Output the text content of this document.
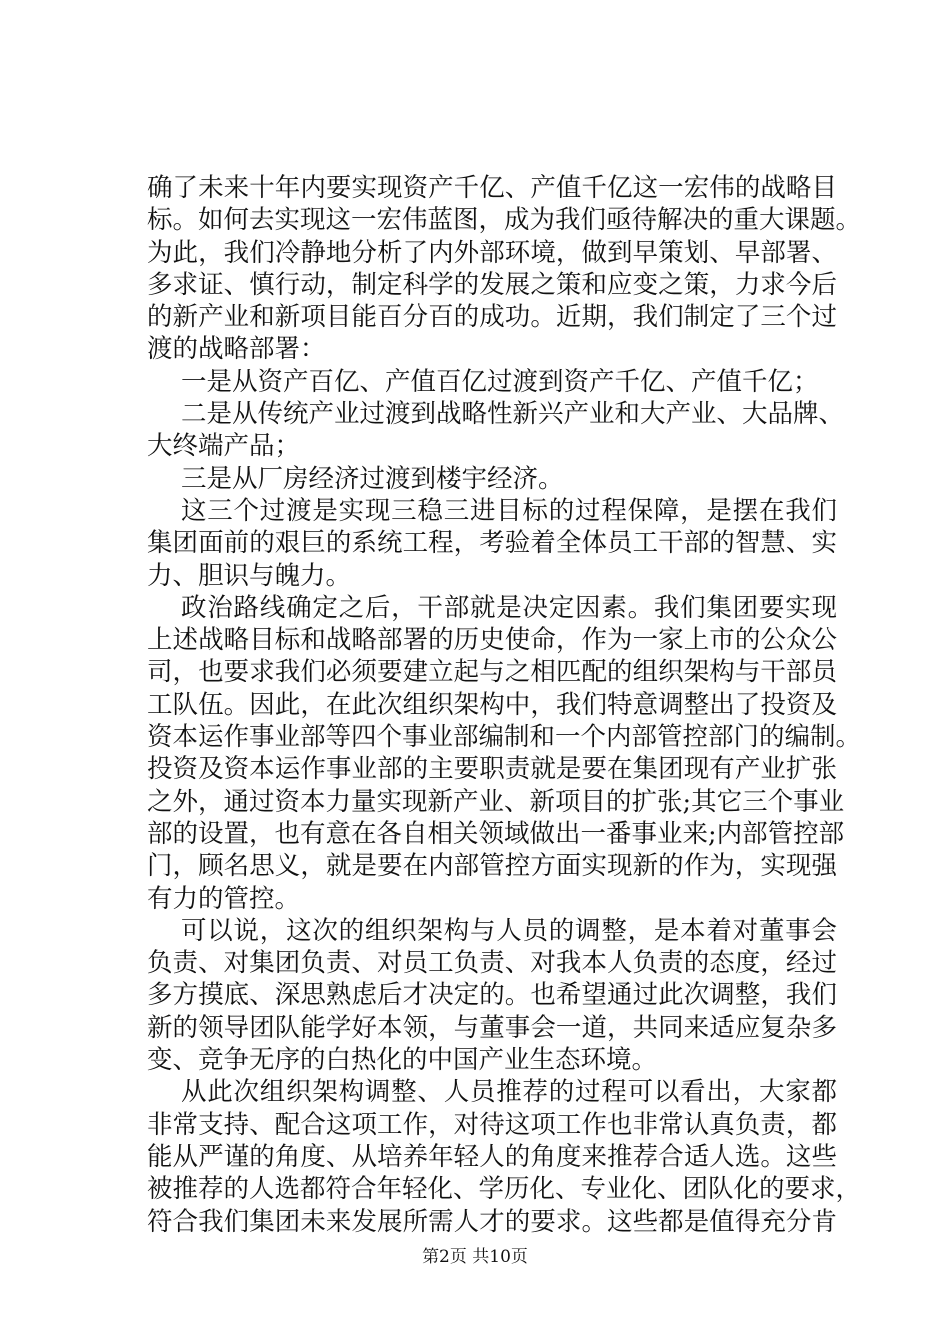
确了未来十年内要实现资产千亿、产值千亿这一宏伟的战略目
标。如何去实现这一宏伟蓝图，成为我们亟待解决的重大课题。
为此，我们冷静地分析了内外部环境，做到早策划、早部署、
多求证、慎行动，制定科学的发展之策和应变之策，力求今后
的新产业和新项目能百分百的成功。近期，我们制定了三个过
渡的战略部署：
一是从资产百亿、产值百亿过渡到资产千亿、产值千亿；
二是从传统产业过渡到战略性新兴产业和大产业、大品牌、
大终端产品；
三是从厂房经济过渡到楼宇经济。
这三个过渡是实现三稳三进目标的过程保障，是摆在我们
集团面前的艰巨的系统工程，考验着全体员工干部的智慧、实
力、胆识与魄力。
政治路线确定之后，干部就是决定因素。我们集团要实现
上述战略目标和战略部署的历史使命，作为一家上市的公众公
司，也要求我们必须要建立起与之相匹配的组织架构与干部员
工队伍。因此，在此次组织架构中，我们特意调整出了投资及
资本运作事业部等四个事业部编制和一个内部管控部门的编制。
投资及资本运作事业部的主要职责就是要在集团现有产业扩张
之外，通过资本力量实现新产业、新项目的扩张;其它三个事业
部的设置，也有意在各自相关领域做出一番事业来;内部管控部
门，顾名思义，就是要在内部管控方面实现新的作为，实现强
有力的管控。
可以说，这次的组织架构与人员的调整，是本着对董事会
负责、对集团负责、对员工负责、对我本人负责的态度，经过
多方摸底、深思熟虑后才决定的。也希望通过此次调整，我们
新的领导团队能学好本领，与董事会一道，共同来适应复杂多
变、竞争无序的白热化的中国产业生态环境。
从此次组织架构调整、人员推荐的过程可以看出，大家都
非常支持、配合这项工作，对待这项工作也非常认真负责，都
能从严谨的角度、从培养年轻人的角度来推荐合适人选。这些
被推荐的人选都符合年轻化、学历化、专业化、团队化的要求，
符合我们集团未来发展所需人才的要求。这些都是值得充分肯
第2页 共10页
